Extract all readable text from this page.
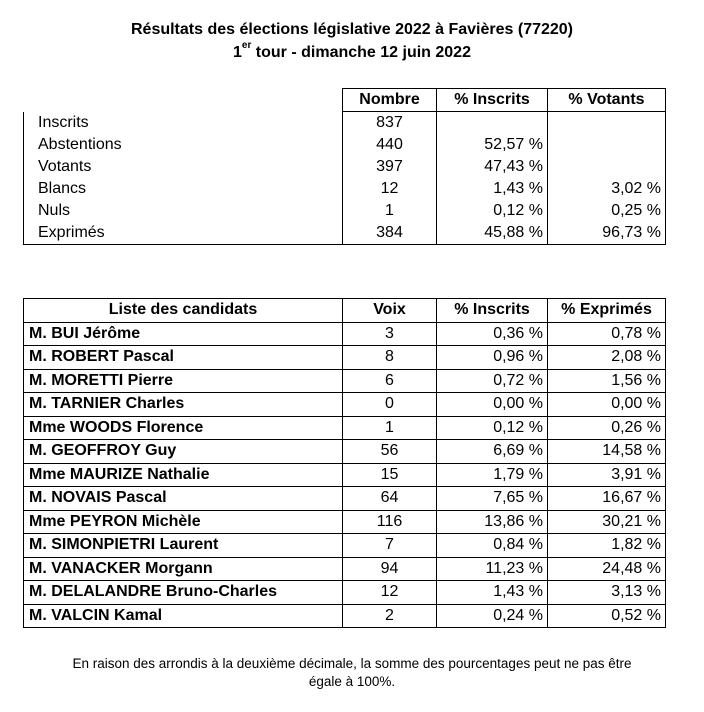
Résultats des élections législative 2022 à Favières (77220)
1er tour - dimanche 12 juin 2022
	Nombre	% Inscrits	% Votants
Inscrits	837		
Abstentions	440	52,57 %	
Votants	397	47,43 %	
Blancs	12	1,43 %	3,02 %
Nuls	1	0,12 %	0,25 %
Exprimés	384	45,88 %	96,73 %
Liste des candidats	Voix	% Inscrits	% Exprimés
M. BUI Jérôme	3	0,36 %	0,78 %
M. ROBERT Pascal	8	0,96 %	2,08 %
M. MORETTI Pierre	6	0,72 %	1,56 %
M. TARNIER Charles	0	0,00 %	0,00 %
Mme WOODS Florence	1	0,12 %	0,26 %
M. GEOFFROY Guy	56	6,69 %	14,58 %
Mme MAURIZE Nathalie	15	1,79 %	3,91 %
M. NOVAIS Pascal	64	7,65 %	16,67 %
Mme PEYRON Michèle	116	13,86 %	30,21 %
M. SIMONPIETRI Laurent	7	0,84 %	1,82 %
M. VANACKER Morgann	94	11,23 %	24,48 %
M. DELALANDRE Bruno-Charles	12	1,43 %	3,13 %
M. VALCIN Kamal	2	0,24 %	0,52 %
En raison des arrondis à la deuxième décimale, la somme des pourcentages peut ne pas être
égale à 100%.
